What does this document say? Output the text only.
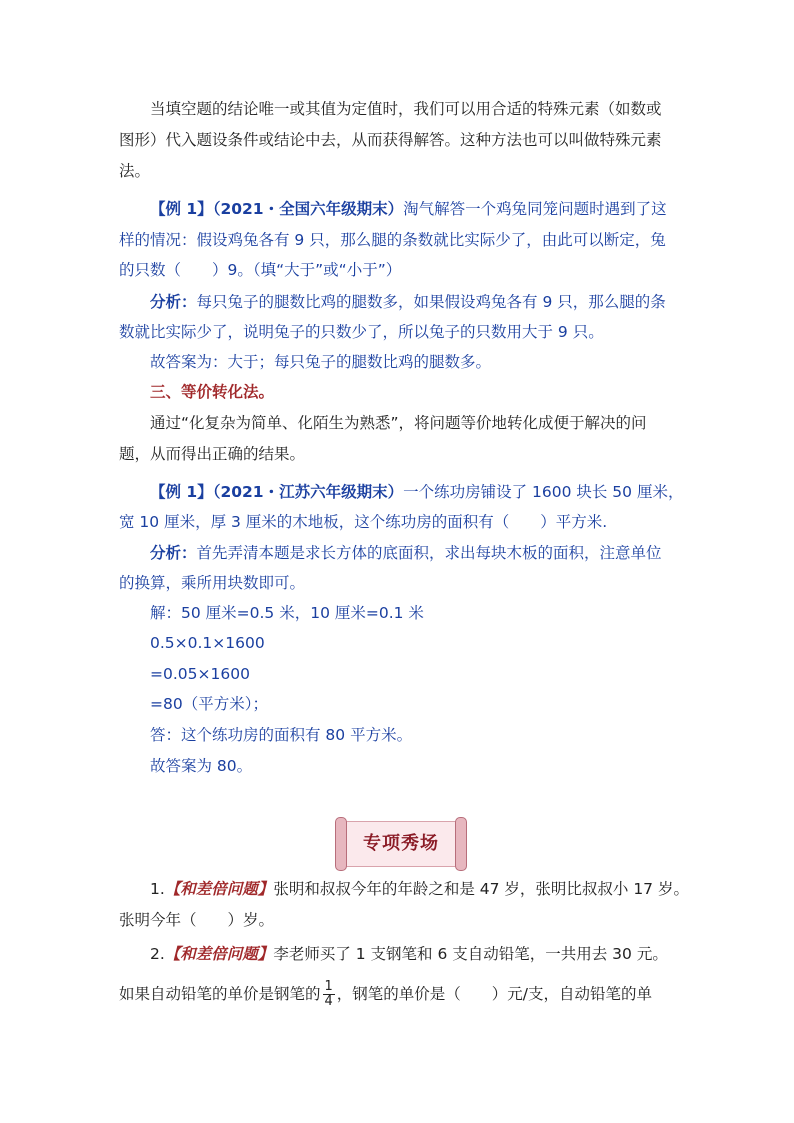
当填空题的结论唯一或其值为定值时，我们可以用合适的特殊元素（如数或
图形）代入题设条件或结论中去，从而获得解答。这种方法也可以叫做特殊元素
法。
【例 1】（2021・全国六年级期末）淘气解答一个鸡兔同笼问题时遇到了这
样的情况：假设鸡兔各有 9 只，那么腿的条数就比实际少了，由此可以断定，兔
的只数（　　）9。（填“大于”或“小于”）
分析：每只兔子的腿数比鸡的腿数多，如果假设鸡兔各有 9 只，那么腿的条
数就比实际少了，说明兔子的只数少了，所以兔子的只数用大于 9 只。
故答案为：大于；每只兔子的腿数比鸡的腿数多。
三、等价转化法。
通过“化复杂为简单、化陌生为熟悉”，将问题等价地转化成便于解决的问
题，从而得出正确的结果。
【例 1】（2021・江苏六年级期末）一个练功房铺设了 1600 块长 50 厘米，
宽 10 厘米，厚 3 厘米的木地板，这个练功房的面积有（　　）平方米.
分析：首先弄清本题是求长方体的底面积，求出每块木板的面积，注意单位
的换算，乘所用块数即可。
解：50 厘米=0.5 米，10 厘米=0.1 米
0.5×0.1×1600
=0.05×1600
=80（平方米）；
答：这个练功房的面积有 80 平方米。
故答案为 80。
专项秀场
1.【和差倍问题】张明和叔叔今年的年龄之和是 47 岁，张明比叔叔小 17 岁。
张明今年（　　）岁。
2.【和差倍问题】李老师买了 1 支钢笔和 6 支自动铅笔，一共用去 30 元。
如果自动铅笔的单价是钢笔的 $\frac{1}{4}$ ，钢笔的单价是（　　）元/支，自动铅笔的单
